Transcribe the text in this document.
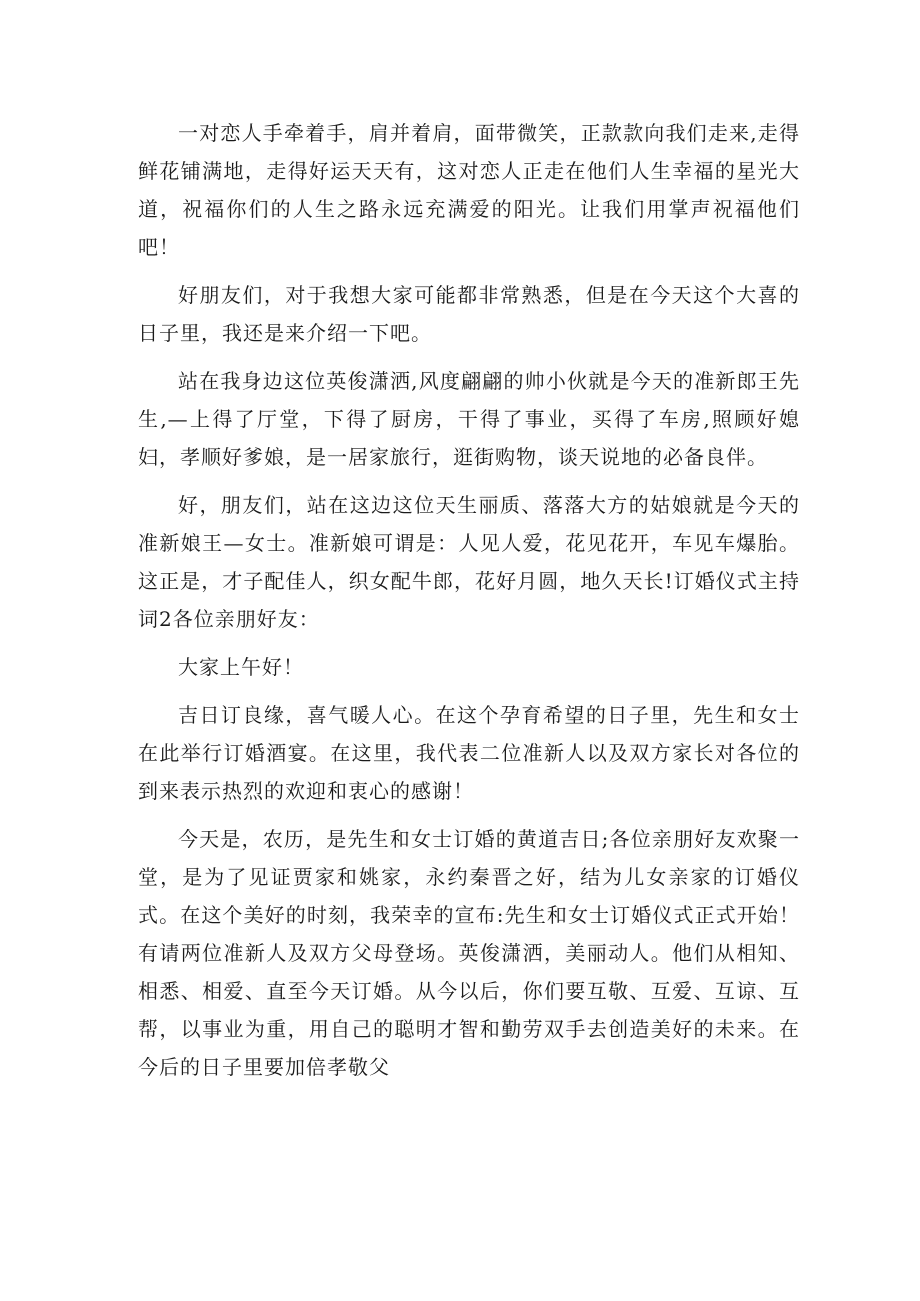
一对恋人手牵着手，肩并着肩，面带微笑，正款款向我们走来,走得鲜花铺满地，走得好运天天有，这对恋人正走在他们人生幸福的星光大道，祝福你们的人生之路永远充满爱的阳光。让我们用掌声祝福他们吧！

好朋友们，对于我想大家可能都非常熟悉，但是在今天这个大喜的日子里，我还是来介绍一下吧。

站在我身边这位英俊潇洒,风度翩翩的帅小伙就是今天的准新郎王先生,—上得了厅堂，下得了厨房，干得了事业，买得了车房,照顾好媳妇，孝顺好爹娘，是一居家旅行，逛街购物，谈天说地的必备良伴。

好，朋友们，站在这边这位天生丽质、落落大方的姑娘就是今天的准新娘王—女士。准新娘可谓是：人见人爱，花见花开，车见车爆胎。这正是，才子配佳人，织女配牛郎，花好月圆，地久天长!订婚仪式主持词2各位亲朋好友：

大家上午好！

吉日订良缘，喜气暖人心。在这个孕育希望的日子里，先生和女士在此举行订婚酒宴。在这里，我代表二位准新人以及双方家长对各位的到来表示热烈的欢迎和衷心的感谢！

今天是，农历，是先生和女士订婚的黄道吉日;各位亲朋好友欢聚一堂，是为了见证贾家和姚家，永约秦晋之好，结为儿女亲家的订婚仪式。在这个美好的时刻，我荣幸的宣布:先生和女士订婚仪式正式开始！有请两位准新人及双方父母登场。英俊潇洒，美丽动人。他们从相知、相悉、相爱、直至今天订婚。从今以后，你们要互敬、互爱、互谅、互帮，以事业为重，用自己的聪明才智和勤劳双手去创造美好的未来。在今后的日子里要加倍孝敬父
